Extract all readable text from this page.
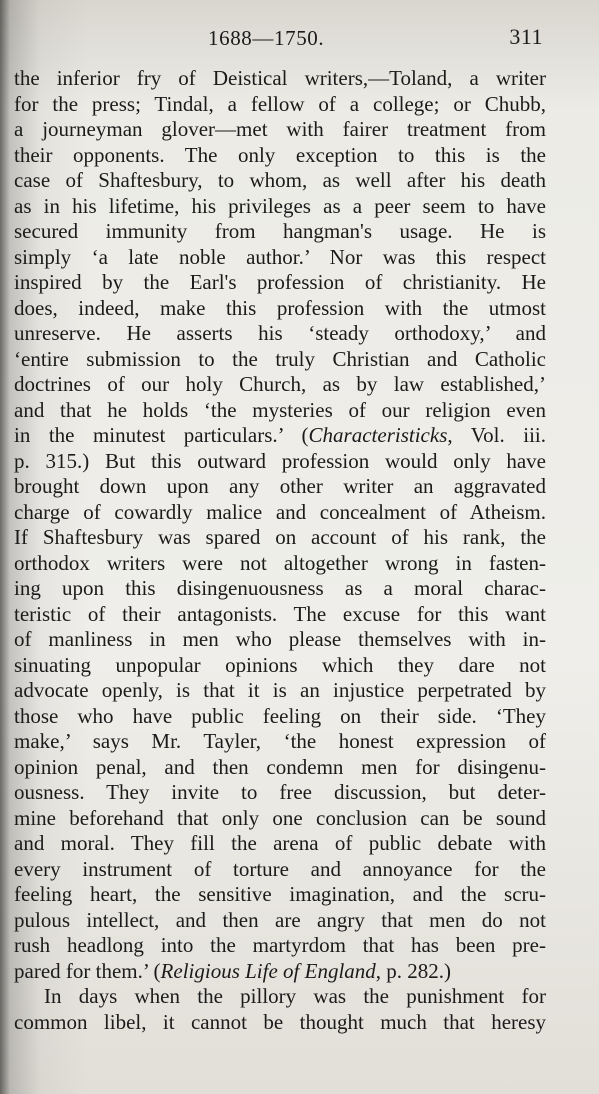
1688—1750.	311
the inferior fry of Deistical writers,—Toland, a writer
for the press; Tindal, a fellow of a college; or Chubb,
a journeyman glover—met with fairer treatment from
their opponents. The only exception to this is the
case of Shaftesbury, to whom, as well after his death
as in his lifetime, his privileges as a peer seem to have
secured immunity from hangman's usage. He is
simply ‘a late noble author.’ Nor was this respect
inspired by the Earl's profession of christianity. He
does, indeed, make this profession with the utmost
unreserve. He asserts his ‘steady orthodoxy,’ and
‘entire submission to the truly Christian and Catholic
doctrines of our holy Church, as by law established,’
and that he holds ‘the mysteries of our religion even
in the minutest particulars.’ (Characteristicks, Vol. iii.
p. 315.) But this outward profession would only have
brought down upon any other writer an aggravated
charge of cowardly malice and concealment of Atheism.
If Shaftesbury was spared on account of his rank, the
orthodox writers were not altogether wrong in fasten-
ing upon this disingenuousness as a moral charac-
teristic of their antagonists. The excuse for this want
of manliness in men who please themselves with in-
sinuating unpopular opinions which they dare not
advocate openly, is that it is an injustice perpetrated by
those who have public feeling on their side. ‘They
make,’ says Mr. Tayler, ‘the honest expression of
opinion penal, and then condemn men for disingenu-
ousness. They invite to free discussion, but deter-
mine beforehand that only one conclusion can be sound
and moral. They fill the arena of public debate with
every instrument of torture and annoyance for the
feeling heart, the sensitive imagination, and the scru-
pulous intellect, and then are angry that men do not
rush headlong into the martyrdom that has been pre-
pared for them.’ (Religious Life of England, p. 282.)
In days when the pillory was the punishment for
common libel, it cannot be thought much that heresy
